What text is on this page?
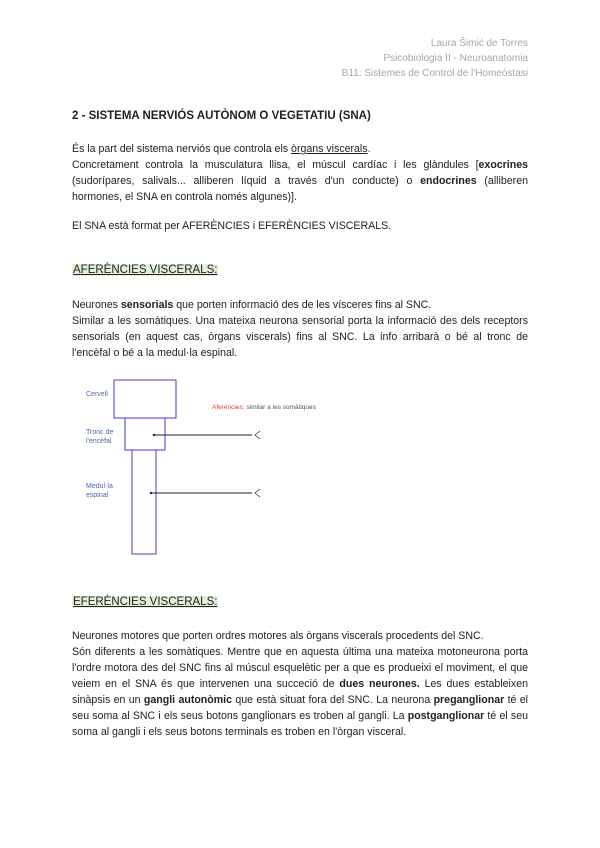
Laura Šimić de Torres
Psicobiologia II - Neuroanatomia
B11: Sistemes de Control de l'Homeòstasi
2 - SISTEMA NERVIÓS AUTÒNOM O VEGETATIU (SNA)

És la part del sistema nerviós que controla els òrgans viscerals.
Concretament controla la musculatura llisa, el múscul cardíac i les glàndules [exocrines (sudorípares, salivals... alliberen líquid a través d'un conducte) o endocrines (alliberen hormones, el SNA en controla només algunes)].

El SNA està format per AFERÈNCIES i EFERÈNCIES VISCERALS.

AFERÈNCIES VISCERALS:

Neurones sensorials que porten informació des de les vísceres fins al SNC.
Similar a les somàtiques. Una mateixa neurona sensorial porta la informació des dels receptors sensorials (en aquest cas, òrgans viscerals) fins al SNC. La info arribarà o bé al tronc de l'encèfal o bé a la medul·la espinal.

Cervell
Tronc de
l'encèfal
Medul·la
espinal
Aferències: similar a les somàtiques
EFERÈNCIES VISCERALS:

Neurones motores que porten ordres motores als òrgans viscerals procedents del SNC.
Són diferents a les somàtiques. Mentre que en aquesta última una mateixa motoneurona porta l'ordre motora des del SNC fins al múscul esquelètic per a que es produeixi el moviment, el que veiem en el SNA és que intervenen una succeció de dues neurones. Les dues estableixen sinàpsis en un gangli autonòmic que està situat fora del SNC. La neurona preganglionar té el seu soma al SNC i els seus botons ganglionars es troben al gangli. La postganglionar té el seu soma al gangli i els seus botons terminals es troben en l'òrgan visceral.
